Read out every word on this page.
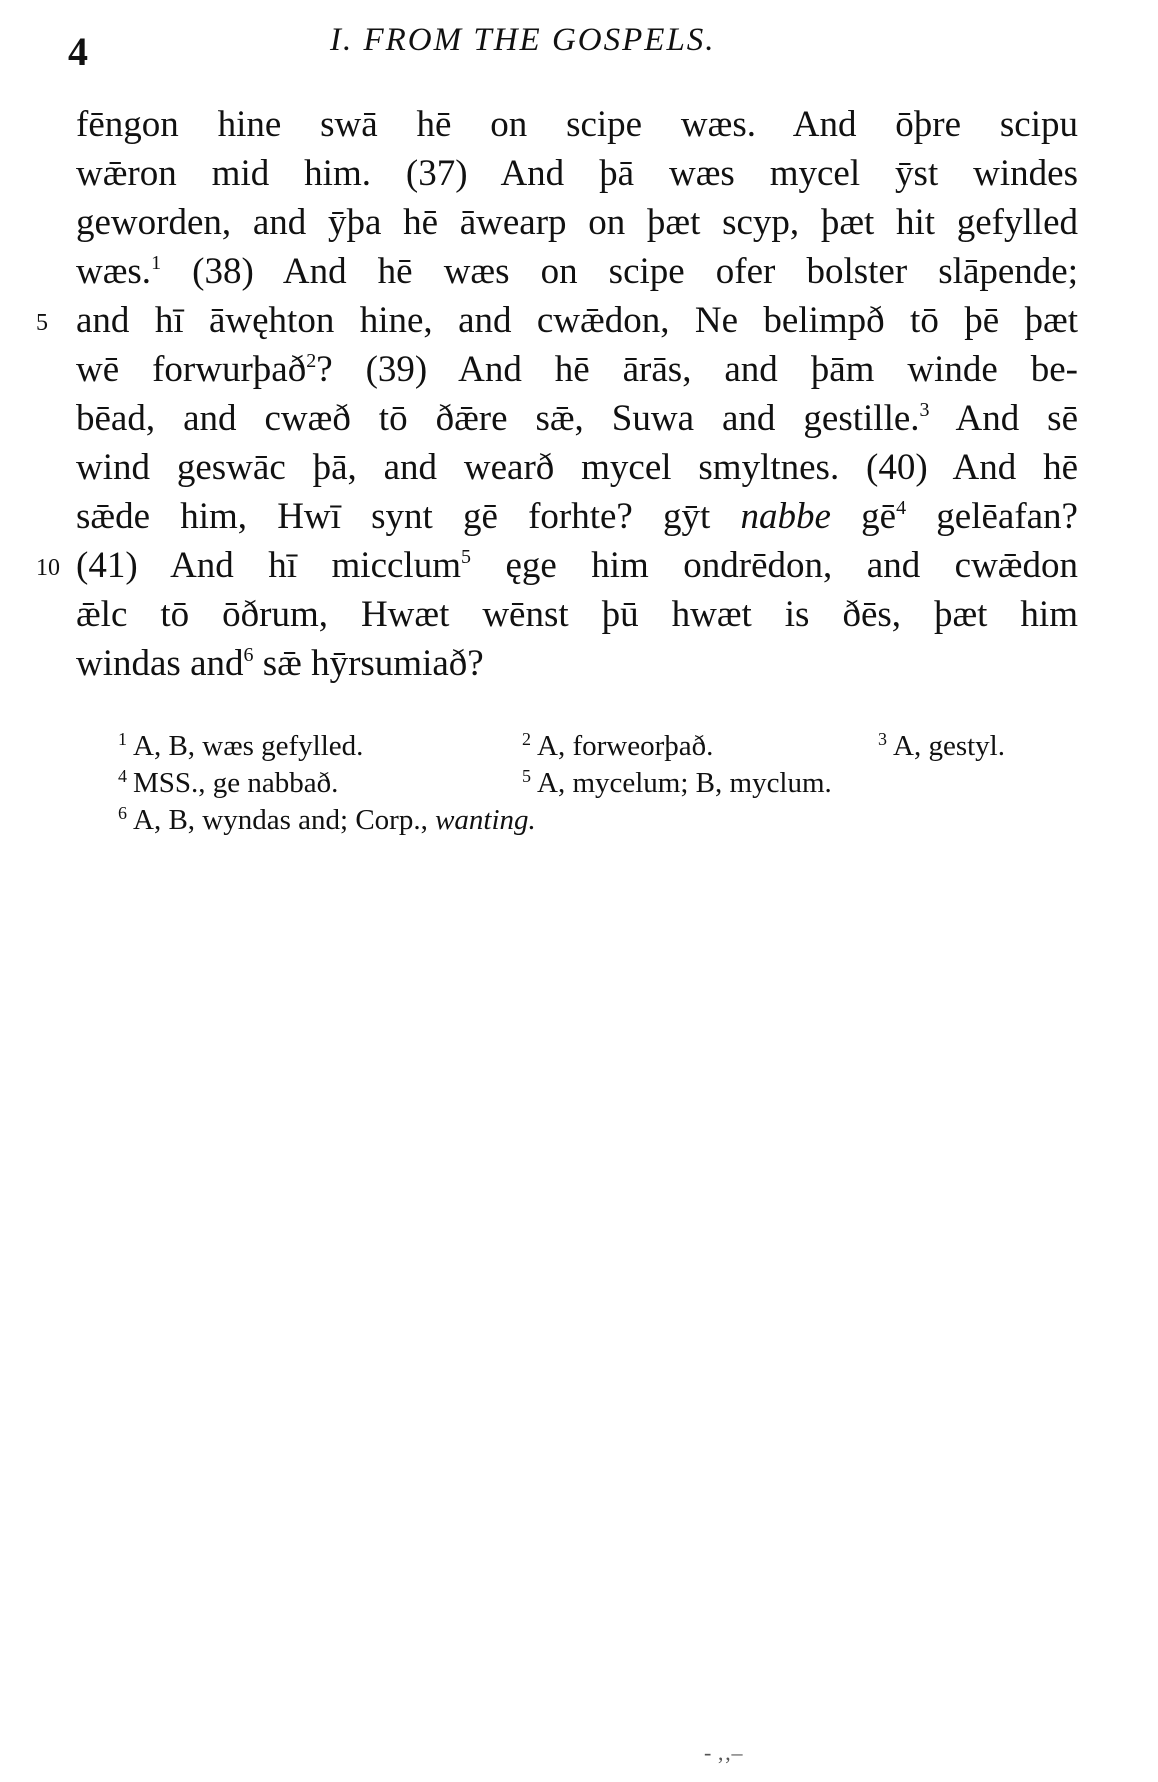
4	I. FROM THE GOSPELS.
fēngon hine swā hē on scipe wæs. And ōþre scipu
wǣron mid him. (37) And þā wæs mycel ȳst windes
geworden, and ȳþa hē āwearp on þæt scyp, þæt hit gefylled
wæs.$^1$ (38) And hē wæs on scipe ofer bolster slāpende;
5 and hī āwęhton hine, and cwǣdon, Ne belimpð tō þē þæt
wē forwurþað$^2$? (39) And hē ārās, and þām winde be-
bēad, and cwæð tō ðǣre sǣ, Suwa and gestille.$^3$ And sē
wind geswāc þā, and wearð mycel smyltnes. (40) And hē
sǣde him, Hwī synt gē forhte? gȳt nabbe $gē^4$ gelēafan?
10 (41) And hī micclum$^5$ ęge him ondrēdon, and cwǣdon
ǣlc tō ōðrum, Hwæt wēnst þū hwæt is ðēs, þæt him
windas and$^6$ sǣ hȳrsumiað?
$^1$ A, B, wæs gefylled.	$^2$ A, forweorþað.	$^3$ A, gestyl.
$^4$ MSS., ge nabbað.	$^5$ A, mycelum; B, myclum.
$^6$ A, B, wyndas and; Corp., wanting.
‐ ‚‚‒
